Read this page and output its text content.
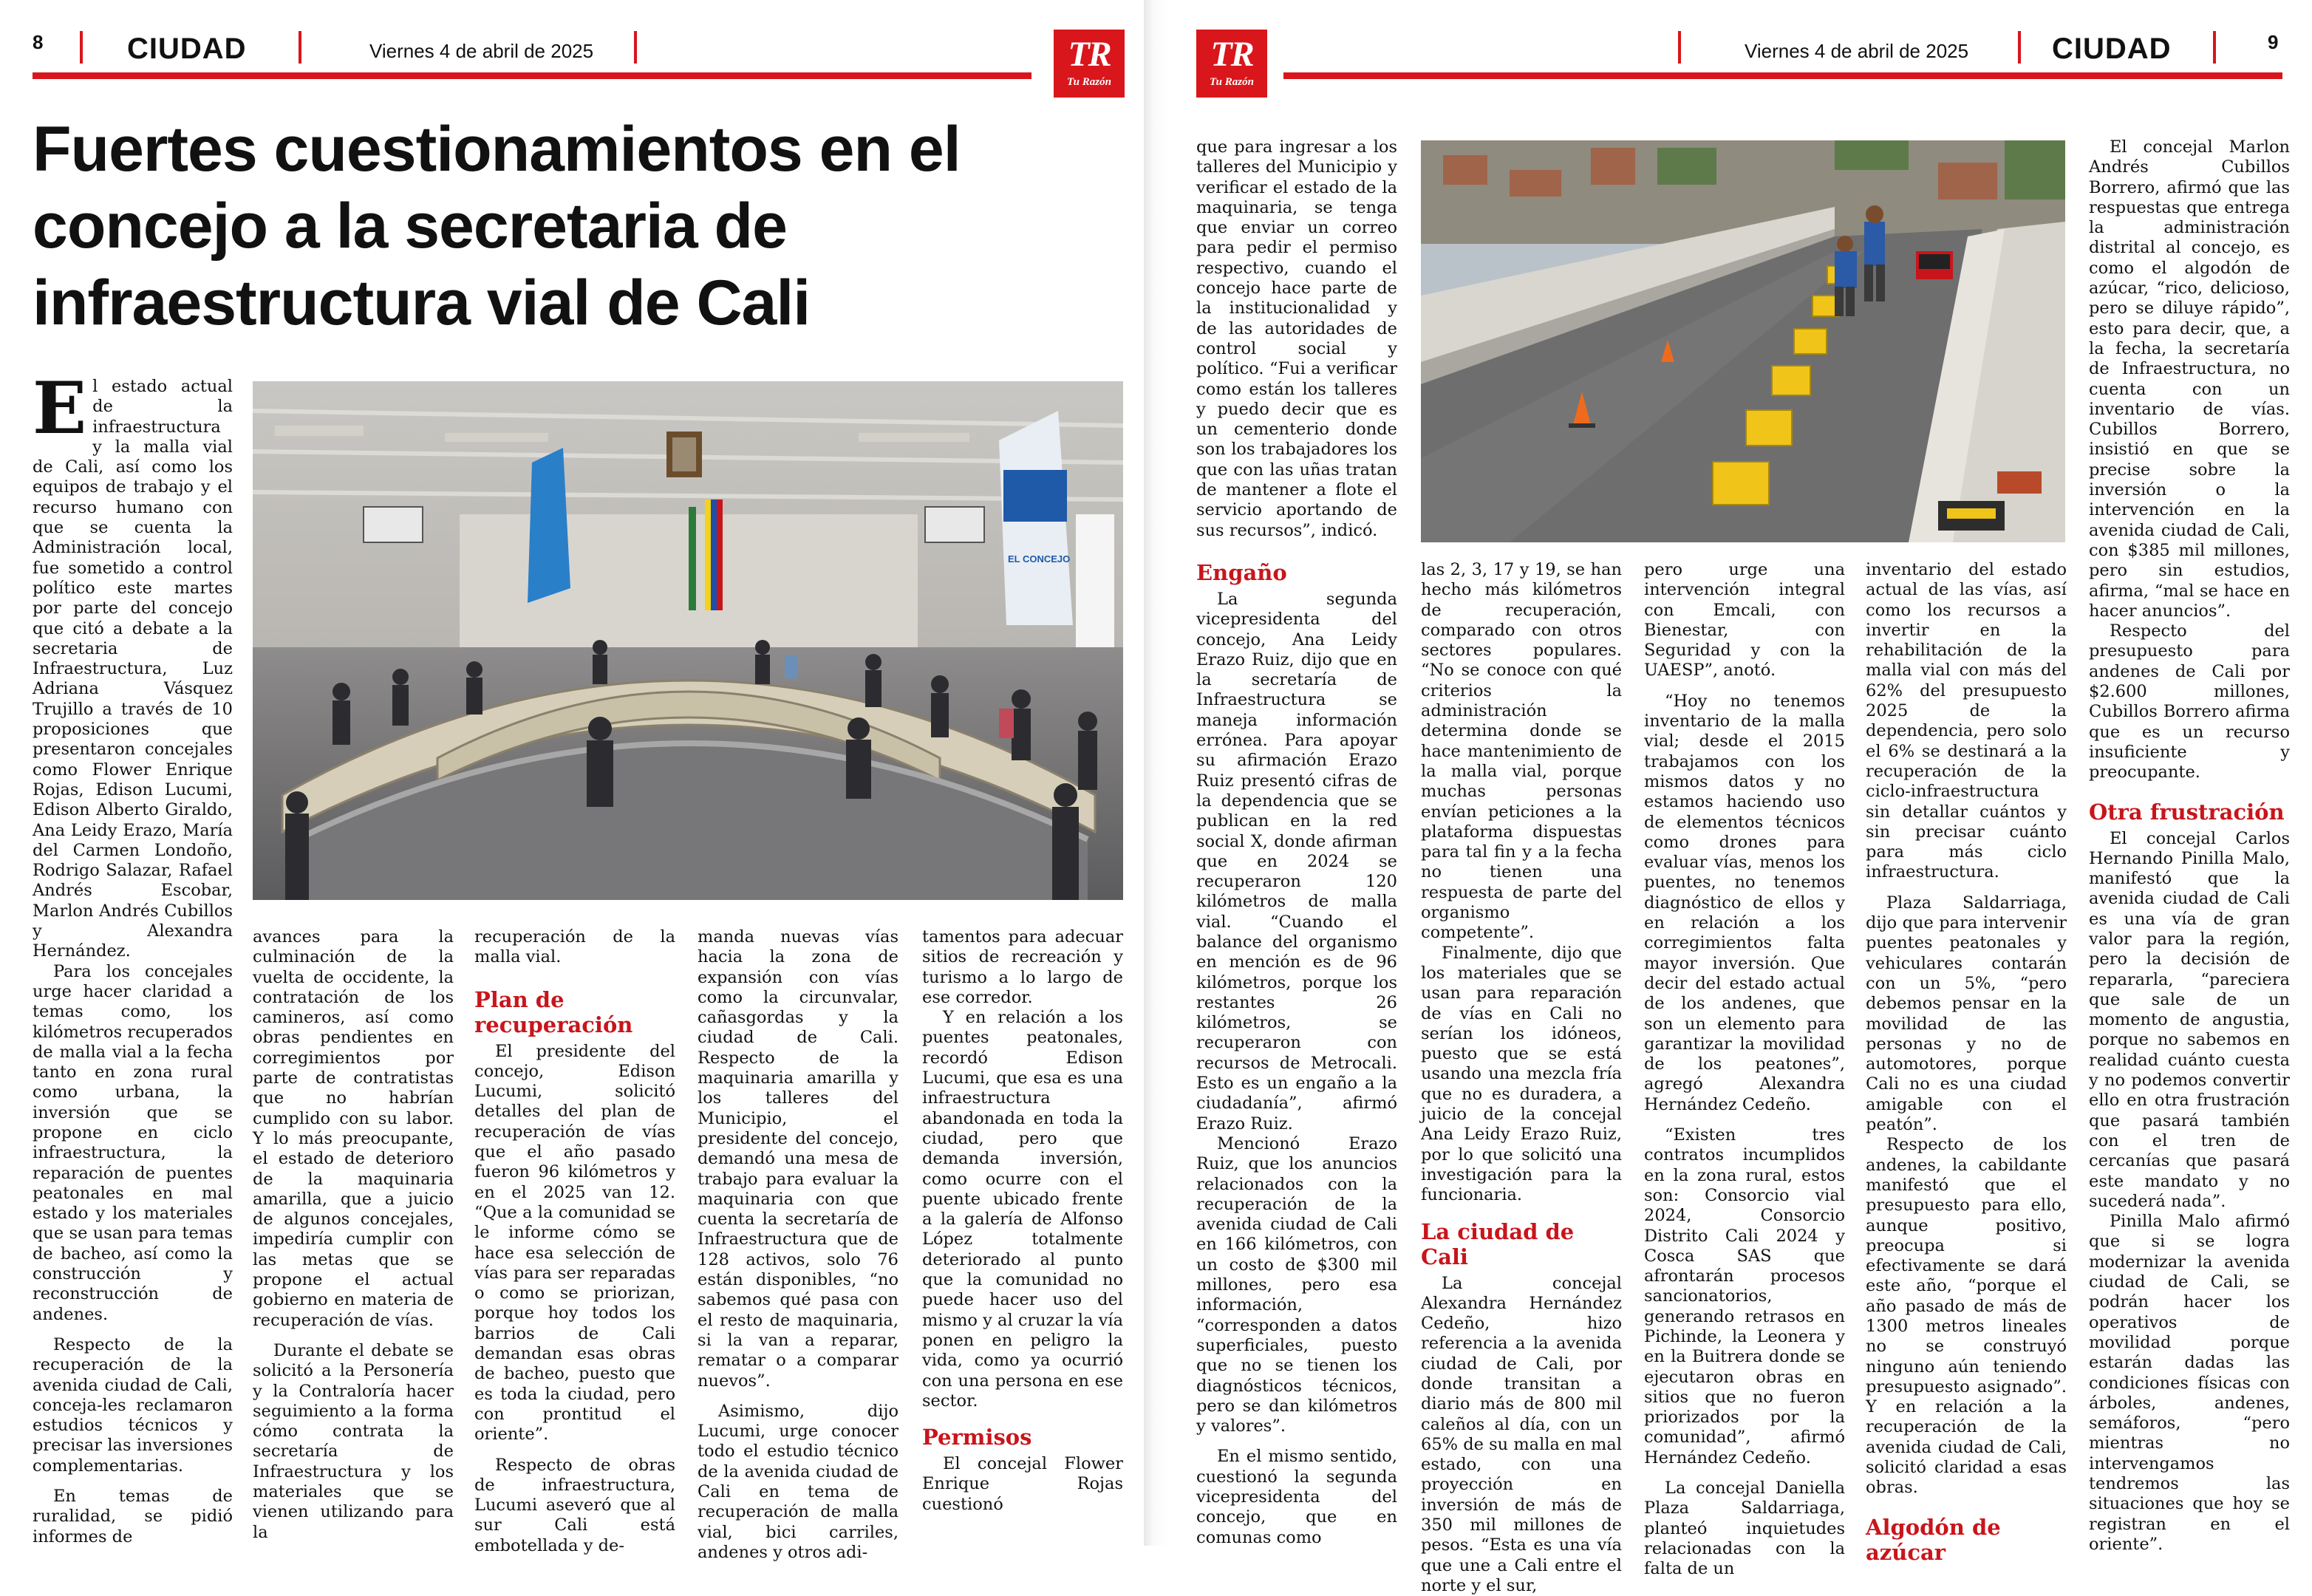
8	CIUDAD	Viernes 4 de abril de 2025	TR
Tu Razón
Fuertes cuestionamientos en el concejo a la secretaria de infraestructura vial de Cali

El estado actual de la infraestructura y la malla vial de Cali, así como los equipos de trabajo y el recurso humano con que se cuenta la Administración local, fue sometido a control político este martes por parte del concejo que citó a debate a la secretaria de Infraestructura, Luz Adriana Vásquez Trujillo a través de 10 proposiciones que presentaron concejales como Flower Enrique Rojas, Edison Lucumi, Edison Alberto Giraldo, Ana Leidy Erazo, María del Carmen Londoño, Rodrigo Salazar, Rafael Andrés Escobar, Marlon Andrés Cubillos y Alexandra Hernández.

Para los concejales urge hacer claridad a temas como, los kilómetros recuperados de malla vial a la fecha tanto en zona rural como urbana, la inversión que se propone en ciclo infraestructura, la reparación de puentes peatonales en mal estado y los materiales que se usan para temas de bacheo, así como la construcción y reconstrucción de andenes.

Respecto de la recuperación de la avenida ciudad de Cali, conceja-les reclamaron estudios técnicos y precisar las inversiones complementarias.

En temas de ruralidad, se pidió informes de

EL CONCEJO

avances para la culminación de la vuelta de occidente, la contratación de los camineros, así como obras pendientes en corregimientos por parte de contratistas que no habrían cumplido con su labor. Y lo más preocupante, el estado de deterioro de la maquinaria amarilla, que a juicio de algunos concejales, impediría cumplir con las metas que se propone el actual gobierno en materia de recuperación de vías.

Durante el debate se solicitó a la Personería y la Contraloría hacer seguimiento a la forma cómo contrata la secretaría de Infraestructura y los materiales que se vienen utilizando para la

recuperación de la malla vial.

Plan de recuperación

El presidente del concejo, Edison Lucumi, solicitó detalles del plan de recuperación de vías que el año pasado fueron 96 kilómetros y en el 2025 van 12. “Que a la comunidad se le informe cómo se hace esa selección de vías para ser reparadas o como se priorizan, porque hoy todos los barrios de Cali demandan esas obras de bacheo, puesto que es toda la ciudad, pero con prontitud el oriente”.

Respecto de obras de infraestructura, Lucumi aseveró que al sur Cali está embotellada y de-

manda nuevas vías hacia la zona de expansión con vías como la circunvalar, cañasgordas y la ciudad de Cali. Respecto de la maquinaria amarilla y los talleres del Municipio, el presidente del concejo, demandó una mesa de trabajo para evaluar la maquinaria con que cuenta la secretaría de Infraestructura que de 128 activos, solo 76 están disponibles, “no sabemos qué pasa con el resto de maquinaria, si la van a reparar, rematar o a comparar nuevos”.

Asimismo, dijo Lucumi, urge conocer todo el estudio técnico de la avenida ciudad de Cali en tema de recuperación de malla vial, bici carriles, andenes y otros adi-

tamentos para adecuar sitios de recreación y turismo a lo largo de ese corredor.

Y en relación a los puentes peatonales, recordó Edison Lucumi, que esa es una infraestructura abandonada en toda la ciudad, pero que demanda inversión, como ocurre con el puente ubicado frente a la galería de Alfonso López totalmente deteriorado al punto que la comunidad no puede hacer uso del mismo y al cruzar la vía ponen en peligro la vida, como ya ocurrió con una persona en ese sector.

Permisos

El concejal Flower Enrique Rojas cuestionó

TR
Tu Razón
Viernes 4 de abril de 2025	CIUDAD	9

que para ingresar a los talleres del Municipio y verificar el estado de la maquinaria, se tenga que enviar un correo para pedir el permiso respectivo, cuando el concejo hace parte de la institucionalidad y de las autoridades de control social y político. “Fui a verificar como están los talleres y puedo decir que es un cementerio donde son los trabajadores los que con las uñas tratan de mantener a flote el servicio aportando de sus recursos”, indicó.

Engaño

La segunda vicepresidenta del concejo, Ana Leidy Erazo Ruiz, dijo que en la secretaría de Infraestructura se maneja información errónea. Para apoyar su afirmación Erazo Ruiz presentó cifras de la dependencia que se publican en la red social X, donde afirman que en 2024 se recuperaron 120 kilómetros de malla vial. “Cuando el balance del organismo en mención es de 96 kilómetros, porque los restantes 26 kilómetros, se recuperaron con recursos de Metrocali. Esto es un engaño a la ciudadanía”, afirmó Erazo Ruiz.

Mencionó Erazo Ruiz, que los anuncios relacionados con la recuperación de la avenida ciudad de Cali en 166 kilómetros, con un costo de $300 mil millones, pero esa información, “corresponden a datos superficiales, puesto que no se tienen los diagnósticos técnicos, pero se dan kilómetros y valores”.

En el mismo sentido, cuestionó la segunda vicepresidenta del concejo, que en comunas como

las 2, 3, 17 y 19, se han hecho más kilómetros de recuperación, comparado con otros sectores populares. “No se conoce con qué criterios la administración determina donde se hace mantenimiento de la malla vial, porque muchas personas envían peticiones a la plataforma dispuestas para tal fin y a la fecha no tienen una respuesta de parte del organismo competente”.

Finalmente, dijo que los materiales que se usan para reparación de vías en Cali no serían los idóneos, puesto que se está usando una mezcla fría que no es duradera, a juicio de la concejal Ana Leidy Erazo Ruiz, por lo que solicitó una investigación para la funcionaria.

La ciudad de Cali

La concejal Alexandra Hernández Cedeño, hizo referencia a la avenida ciudad de Cali, por donde transitan a diario más de 800 mil caleños al día, con un 65% de su malla en mal estado, con una proyección en inversión de más de 350 mil millones de pesos. “Esta es una vía que une a Cali entre el norte y el sur,

pero urge una intervención integral con Emcali, con Bienestar, con Seguridad y con la UAESP”, anotó.

“Hoy no tenemos inventario de la malla vial; desde el 2015 trabajamos con los mismos datos y no estamos haciendo uso de elementos técnicos como drones para evaluar vías, menos los puentes, no tenemos diagnóstico de ellos y en relación a los corregimientos falta mayor inversión. Que decir del estado actual de los andenes, que son un elemento para garantizar la movilidad de los peatones”, agregó Alexandra Hernández Cedeño.

“Existen tres contratos incumplidos en la zona rural, estos son: Consorcio vial 2024, Consorcio Distrito Cali 2024 y Cosca SAS que afrontarán procesos sancionatorios, generando retrasos en Pichinde, la Leonera y en la Buitrera donde se ejecutaron obras en sitios que no fueron priorizados por la comunidad”, afirmó Hernández Cedeño.

La concejal Daniella Plaza Saldarriaga, planteó inquietudes relacionadas con la falta de un

inventario del estado actual de las vías, así como los recursos a invertir en la rehabilitación de la malla vial con más del 62% del presupuesto 2025 de la dependencia, pero solo el 6% se destinará a la recuperación de la ciclo-infraestructura sin detallar cuántos y sin precisar cuánto para más ciclo infraestructura.

Plaza Saldarriaga, dijo que para intervenir puentes peatonales y vehiculares contarán con un 5%, “pero debemos pensar en la movilidad de las personas y no de automotores, porque Cali no es una ciudad amigable con el peatón”.

Respecto de los andenes, la cabildante manifestó que el presupuesto para ello, aunque positivo, preocupa si efectivamente se dará este año, “porque el año pasado de más de 1300 metros lineales no se construyó ninguno aún teniendo presupuesto asignado”. Y en relación a la recuperación de la avenida ciudad de Cali, solicitó claridad a esas obras.

Algodón de azúcar

El concejal Marlon Andrés Cubillos Borrero, afirmó que las respuestas que entrega la administración distrital al concejo, es como el algodón de azúcar, “rico, delicioso, pero se diluye rápido”, esto para decir, que, a la fecha, la secretaría de Infraestructura, no cuenta con un inventario de vías. Cubillos Borrero, insistió en que se precise sobre la inversión o la intervención en la avenida ciudad de Cali, con $385 mil millones, pero sin estudios, afirma, “mal se hace en hacer anuncios”.

Respecto del presupuesto para andenes de Cali por $2.600 millones, Cubillos Borrero afirma que es un recurso insuficiente y preocupante.

Otra frustración

El concejal Carlos Hernando Pinilla Malo, manifestó que la avenida ciudad de Cali es una vía de gran valor para la región, pero la decisión de repararla, “pareciera que sale de un momento de angustia, porque no sabemos en realidad cuánto cuesta y no podemos convertir ello en otra frustración que pasará también con el tren de cercanías que pasará este mandato y no sucederá nada”.

Pinilla Malo afirmó que si se logra modernizar la avenida ciudad de Cali, se podrán hacer los operativos de movilidad porque estarán dadas las condiciones físicas con árboles, andenes, semáforos, “pero mientras no intervengamos tendremos las situaciones que hoy se registran en el oriente”.
